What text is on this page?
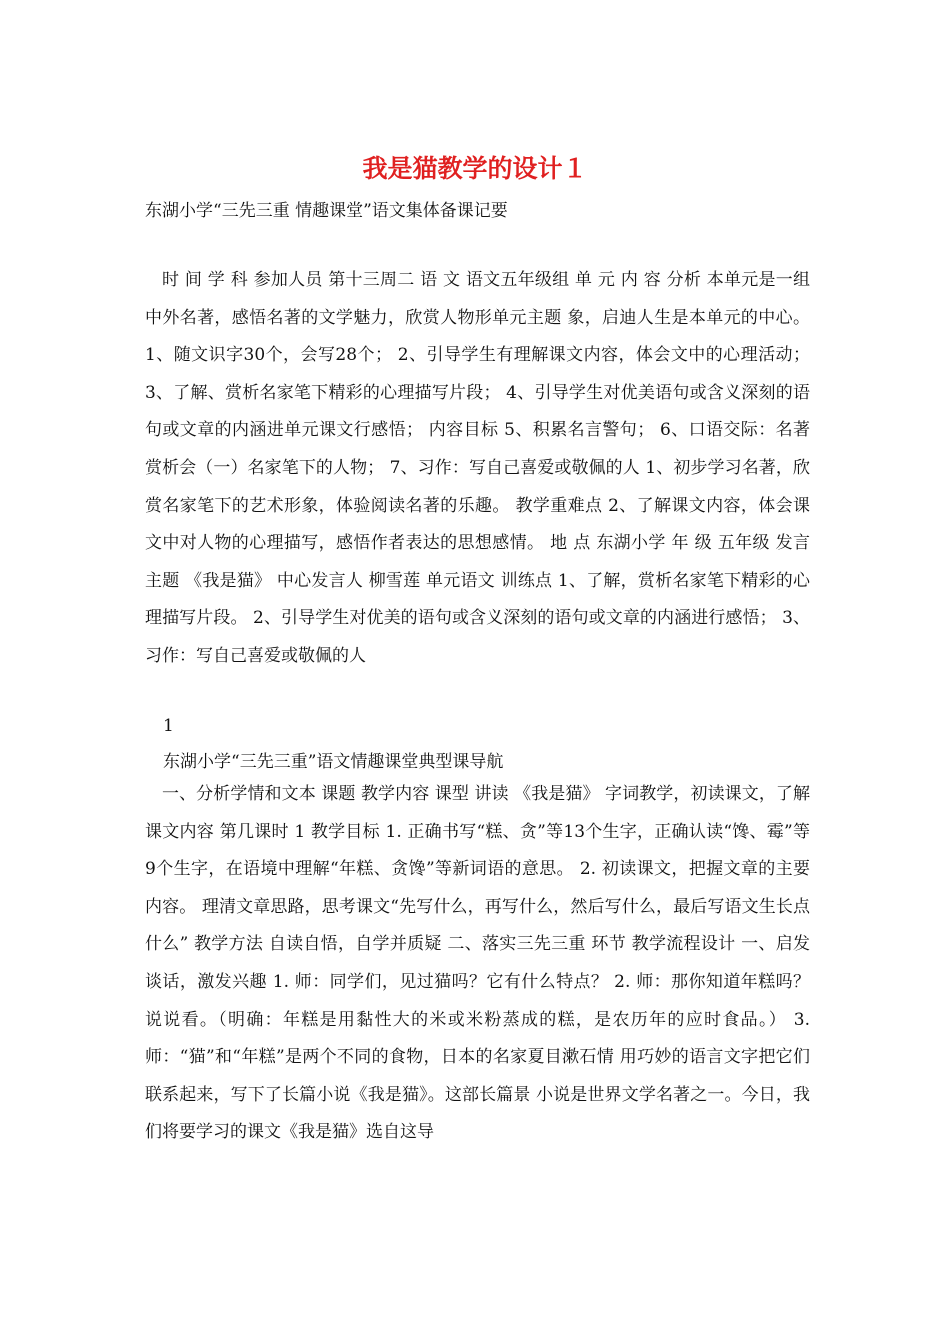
我是猫教学的设计１

东湖小学“三先三重 情趣课堂”语文集体备课记要

时 间 学 科 参加人员 第十三周二 语 文 语文五年级组 单 元 内 容 分析 本单元是一组中外名著，感悟名著的文学魅力，欣赏人物形单元主题 象，启迪人生是本单元的中心。 1、随文识字30个，会写28个； 2、引导学生有理解课文内容，体会文中的心理活动； 3、了解、赏析名家笔下精彩的心理描写片段； 4、引导学生对优美语句或含义深刻的语句或文章的内涵进单元课文行感悟； 内容目标 5、积累名言警句； 6、口语交际：名著赏析会（一）名家笔下的人物； 7、习作：写自己喜爱或敬佩的人 1、初步学习名著，欣赏名家笔下的艺术形象，体验阅读名著的乐趣。 教学重难点 2、了解课文内容，体会课文中对人物的心理描写，感悟作者表达的思想感情。 地 点 东湖小学 年 级 五年级 发言主题 《我是猫》 中心发言人 柳雪莲 单元语文 训练点 1、了解，赏析名家笔下精彩的心理描写片段。 2、引导学生对优美的语句或含义深刻的语句或文章的内涵进行感悟； 3、习作：写自己喜爱或敬佩的人

1

东湖小学“三先三重”语文情趣课堂典型课导航

一、分析学情和文本 课题 教学内容 课型 讲读 《我是猫》 字词教学，初读课文，了解课文内容 第几课时 1 教学目标 1. 正确书写“糕、贪”等13个生字，正确认读“馋、霉”等9个生字，在语境中理解“年糕、贪馋”等新词语的意思。 2. 初读课文，把握文章的主要内容。 理清文章思路，思考课文“先写什么，再写什么，然后写什么，最后写语文生长点 什么” 教学方法 自读自悟，自学并质疑 二、落实三先三重 环节 教学流程设计 一、启发谈话，激发兴趣 1. 师：同学们，见过猫吗？它有什么特点？ 2. 师：那你知道年糕吗？说说看。（明确：年糕是用黏性大的米或米粉蒸成的糕，是农历年的应时食品。） 3. 师：“猫”和“年糕”是两个不同的食物，日本的名家夏目漱石情 用巧妙的语言文字把它们联系起来，写下了长篇小说《我是猫》。这部长篇景 小说是世界文学名著之一。今日，我们将要学习的课文《我是猫》选自这导
